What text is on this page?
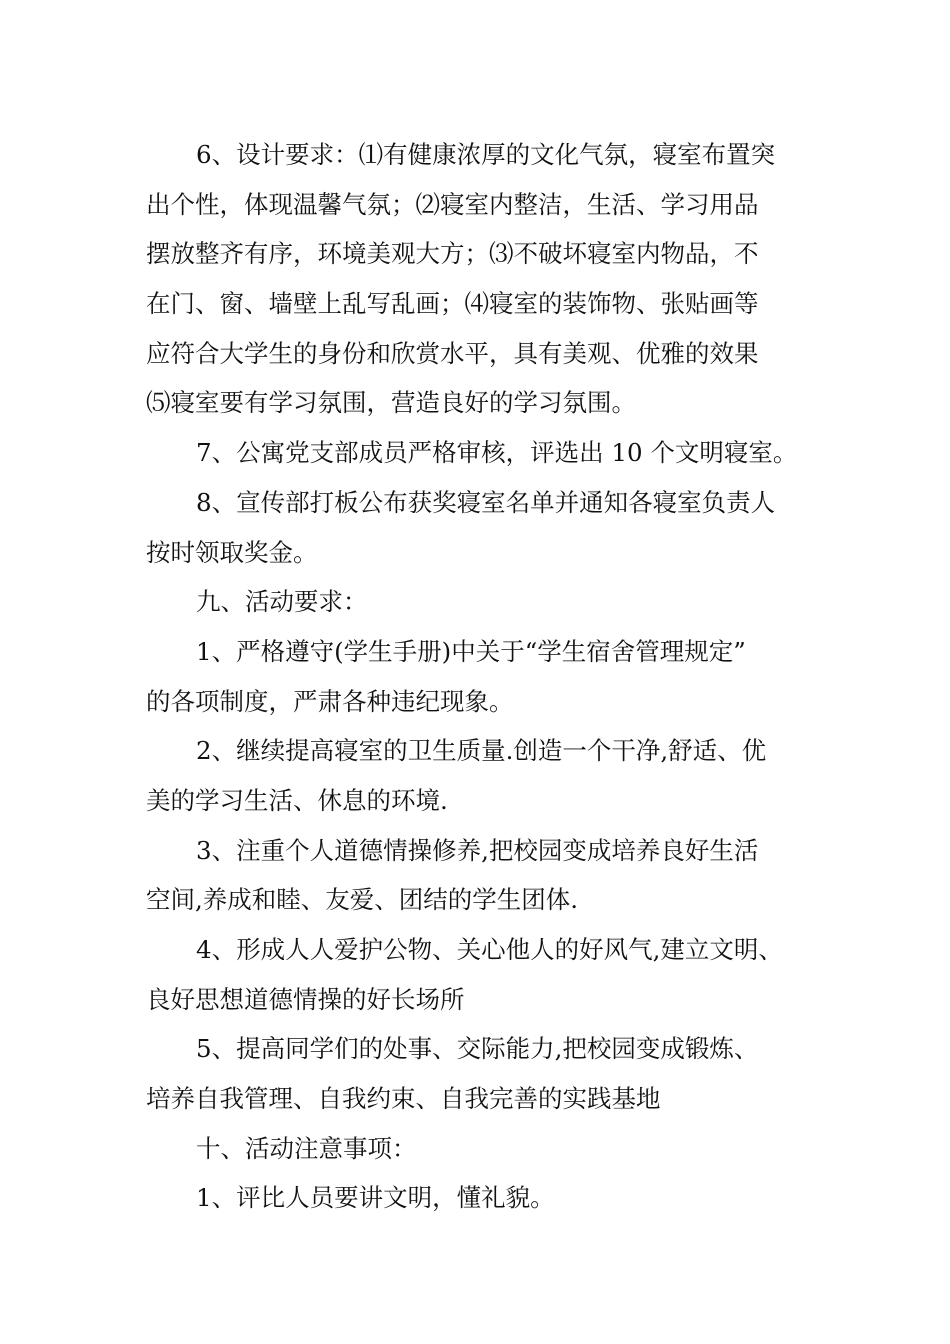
6、设计要求：⑴有健康浓厚的文化气氛，寝室布置突
出个性，体现温馨气氛；⑵寝室内整洁，生活、学习用品
摆放整齐有序，环境美观大方；⑶不破坏寝室内物品，不
在门、窗、墙壁上乱写乱画；⑷寝室的装饰物、张贴画等
应符合大学生的身份和欣赏水平，具有美观、优雅的效果
⑸寝室要有学习氛围，营造良好的学习氛围。
7、公寓党支部成员严格审核，评选出 10 个文明寝室。
8、宣传部打板公布获奖寝室名单并通知各寝室负责人
按时领取奖金。
九、活动要求：
1、严格遵守(学生手册)中关于“学生宿舍管理规定”
的各项制度，严肃各种违纪现象。
2、继续提高寝室的卫生质量.创造一个干净,舒适、优
美的学习生活、休息的环境.
3、注重个人道德情操修养,把校园变成培养良好生活
空间,养成和睦、友爱、团结的学生团体.
4、形成人人爱护公物、关心他人的好风气,建立文明、
良好思想道德情操的好长场所
5、提高同学们的处事、交际能力,把校园变成锻炼、
培养自我管理、自我约束、自我完善的实践基地
十、活动注意事项：
1、评比人员要讲文明，懂礼貌。
